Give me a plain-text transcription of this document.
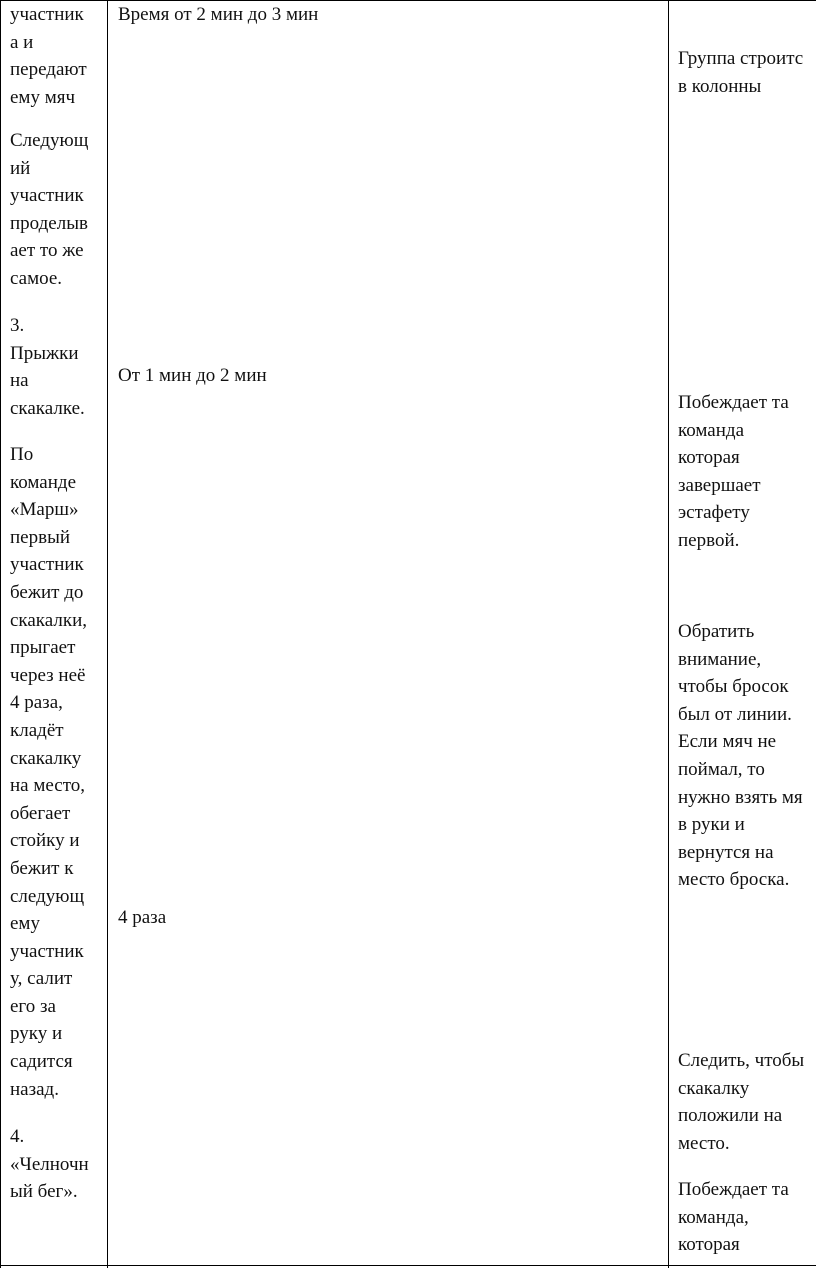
участник
а и
передают
ему мяч

Следующ
ий
участник
проделыв
ает то же
самое.

3.
Прыжки
на
скакалке.

По
команде
«Марш»
первый
участник
бежит до
скакалки,
прыгает
через неё
4 раза,
кладёт
скакалку
на место,
обегает
стойку и
бежит к
следующ
ему
участник
у, салит
его за
руку и
садится
назад.

4.
«Челночн
ый бег».

Время от 2 мин до 3 мин

От 1 мин до 2 мин

4 раза

Группа строитс
в колонны

Побеждает та
команда
которая
завершает
эстафету
первой.

Обратить
внимание,
чтобы бросок
был от линии.
Если мяч не
поймал, то
нужно взять мя
в руки и
вернутся на
место броска.

Следить, чтобы
скакалку
положили на
место.

Побеждает та
команда,
которая
